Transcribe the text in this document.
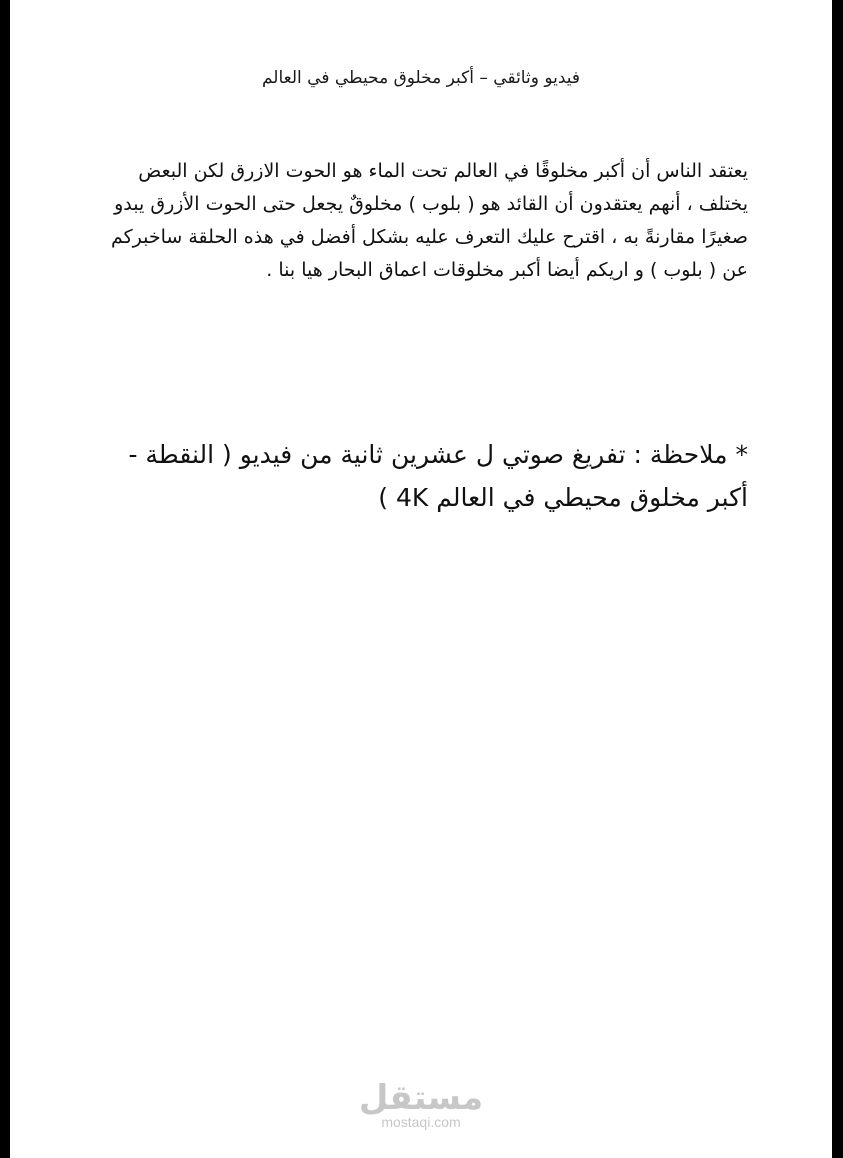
ﻓﻴﺪﻳﻮ وﺛﺎﺋﻘﻲ – أﻛﺒﺮ ﻣﺨﻠﻮق ﻣﺤﻴﻄﻲ ﻓﻲ اﻟﻌﺎﻟﻢ

يعتقد الناس أن أكبر مخلوقًا في العالم تحت الماء هو الحوت الازرق لكن البعض يختلف ، أنهم يعتقدون أن القائد هو ( بلوب ) مخلوقٌ يجعل حتى الحوت الأزرق يبدو صغيرًا مقارنةً به ، اقترح عليك التعرف عليه بشكل أفضل في هذه الحلقة ساخبركم عن ( بلوب ) و اريكم أيضا أكبر مخلوقات اعماق البحار هيا بنا .

* ملاحظة : تفريغ صوتي ل عشرين ثانية من فيديو ( النقطة - أكبر مخلوق محيطي في العالم 4K )

مستقل
mostaqi.com
